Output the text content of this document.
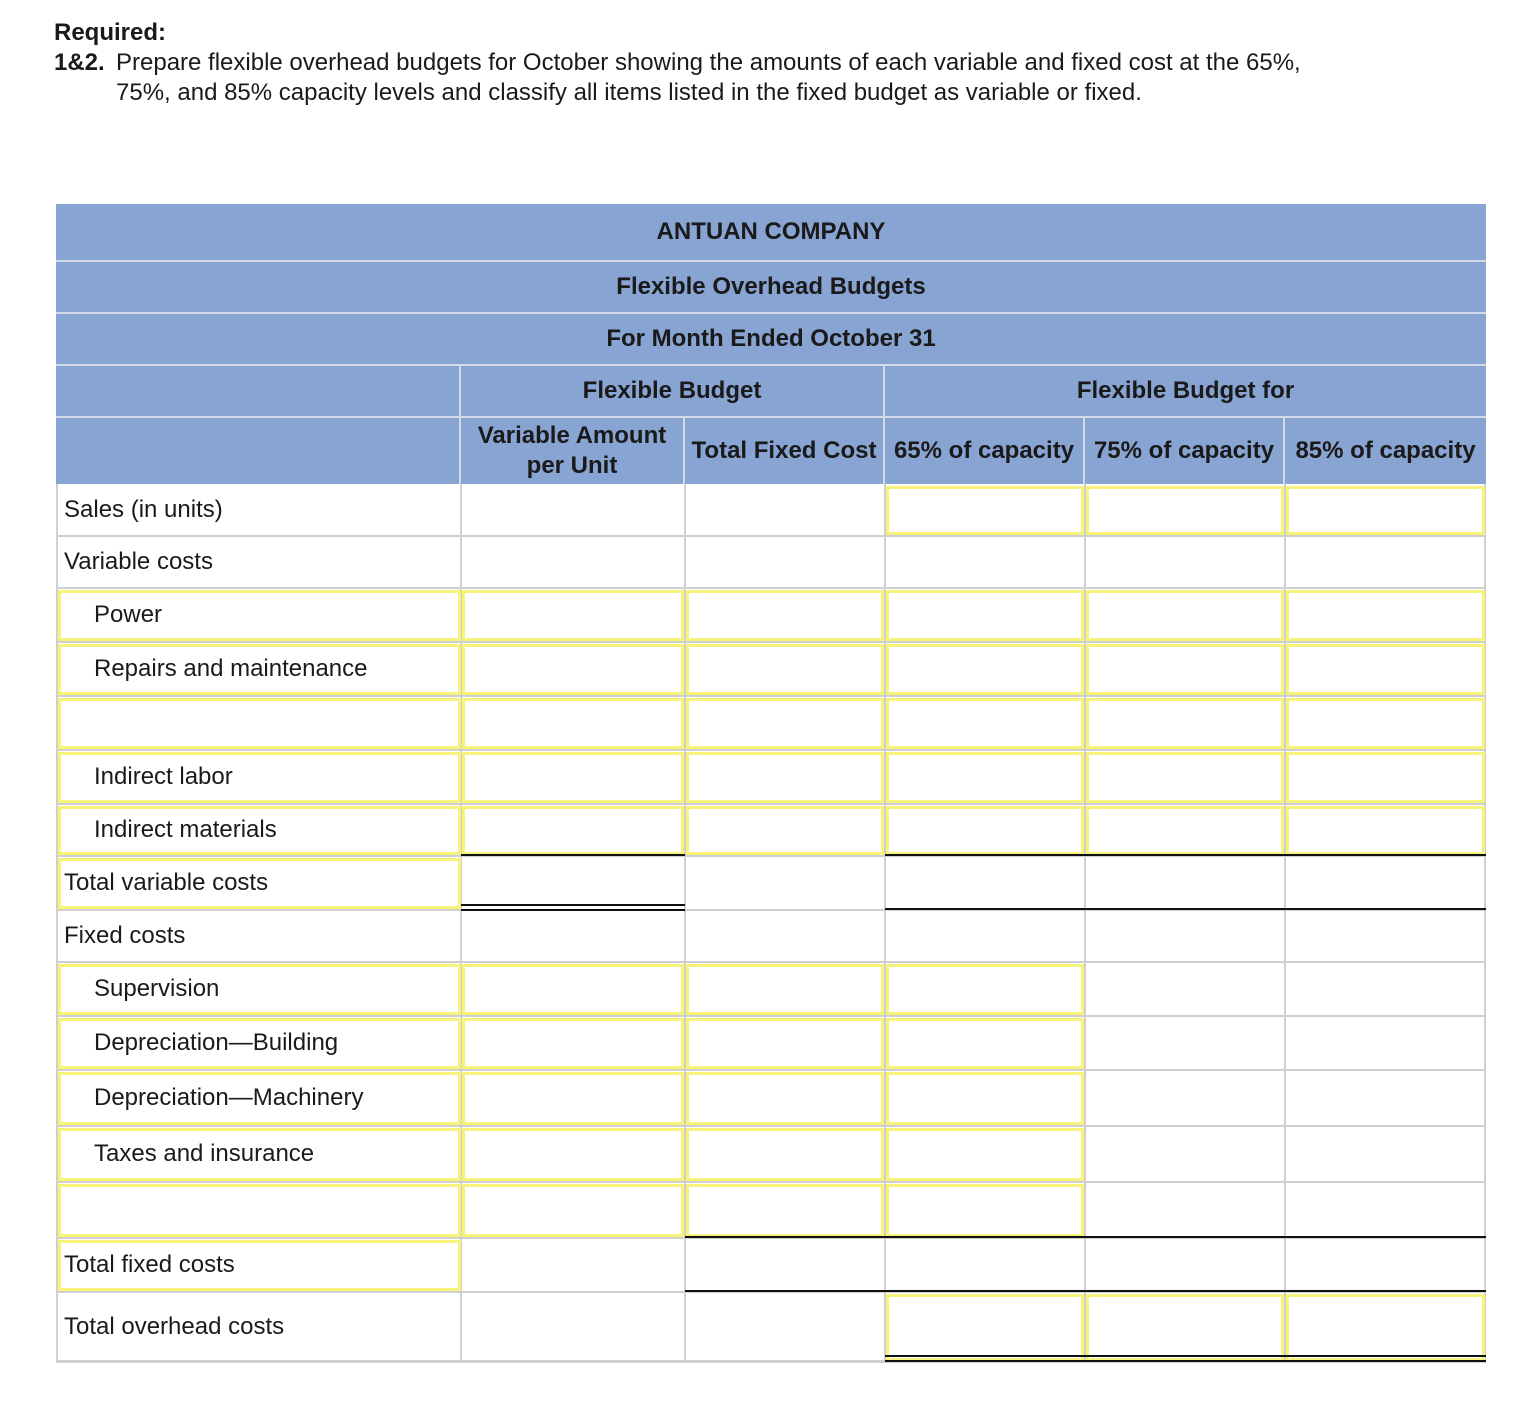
Required:
1&2. Prepare flexible overhead budgets for October showing the amounts of each variable and fixed cost at the 65%, 75%, and 85% capacity levels and classify all items listed in the fixed budget as variable or fixed.
ANTUAN COMPANY
Flexible Overhead Budgets
For Month Ended October 31
Flexible Budget	Flexible Budget for
Variable Amount per Unit
Total Fixed Cost 65% of capacity 75% of capacity 85% of capacity
Sales (in units)
Variable costs
Power
Repairs and maintenance
Indirect labor
Indirect materials
Total variable costs
Fixed costs
Supervision
Depreciation—Building
Depreciation—Machinery
Taxes and insurance
Total fixed costs
Total overhead costs
